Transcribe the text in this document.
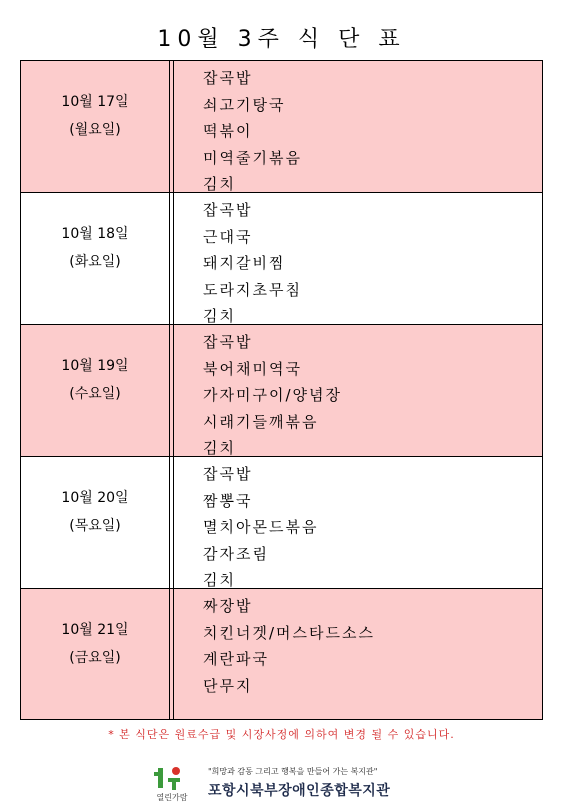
10월 3주 식 단 표
10월 17일
(월요일)
잡곡밥
쇠고기탕국
떡볶이
미역줄기볶음
김치
10월 18일
(화요일)
잡곡밥
근대국
돼지갈비찜
도라지초무침
김치
10월 19일
(수요일)
잡곡밥
북어채미역국
가자미구이/양념장
시래기들깨볶음
김치
10월 20일
(목요일)
잡곡밥
짬뽕국
멸치아몬드볶음
감자조림
김치
10월 21일
(금요일)
짜장밥
치킨너겟/머스타드소스
계란파국
단무지
* 본 식단은 원료수급 및 시장사정에 의하여 변경 될 수 있습니다.
열린가람
"희망과 감동 그리고 행복을 만들어 가는 복지관"
포항시북부장애인종합복지관
